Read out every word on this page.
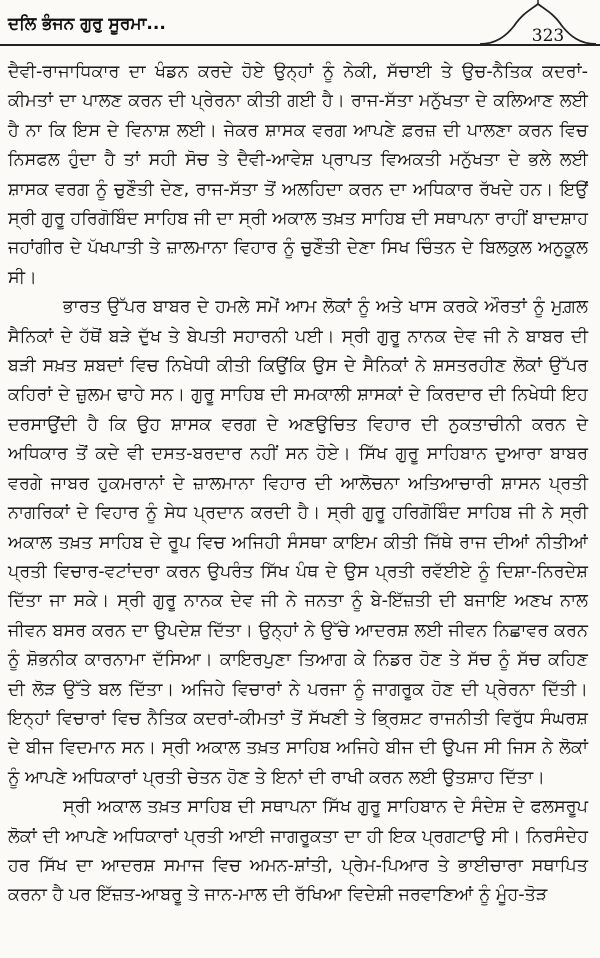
ਦਲਿ ਭੰਜਨ ਗੁਰੁ ਸੂਰਮਾ...
323

ਦੈਵੀ-ਰਾਜਾਧਿਕਾਰ ਦਾ ਖੰਡਨ ਕਰਦੇ ਹੋਏ ਉਨ੍ਹਾਂ ਨੂੰ ਨੇਕੀ, ਸੱਚਾਈ ਤੇ ਉਚ-ਨੈਤਿਕ ਕਦਰਾਂ-ਕੀਮਤਾਂ ਦਾ ਪਾਲਣ ਕਰਨ ਦੀ ਪ੍ਰੇਰਨਾ ਕੀਤੀ ਗਈ ਹੈ। ਰਾਜ-ਸੱਤਾ ਮਨੁੱਖਤਾ ਦੇ ਕਲਿਆਣ ਲਈ ਹੈ ਨਾ ਕਿ ਇਸ ਦੇ ਵਿਨਾਸ਼ ਲਈ। ਜੇਕਰ ਸ਼ਾਸਕ ਵਰਗ ਆਪਣੇ ਫ਼ਰਜ਼ ਦੀ ਪਾਲਣਾ ਕਰਨ ਵਿਚ ਨਿਸਫਲ ਹੁੰਦਾ ਹੈ ਤਾਂ ਸਹੀ ਸੋਚ ਤੇ ਦੈਵੀ-ਆਵੇਸ਼ ਪ੍ਰਾਪਤ ਵਿਅਕਤੀ ਮਨੁੱਖਤਾ ਦੇ ਭਲੇ ਲਈ ਸ਼ਾਸਕ ਵਰਗ ਨੂੰ ਚੁਣੌਤੀ ਦੇਣ, ਰਾਜ-ਸੱਤਾ ਤੋਂ ਅਲਹਿਦਾ ਕਰਨ ਦਾ ਅਧਿਕਾਰ ਰੱਖਦੇ ਹਨ। ਇਉਂ ਸ੍ਰੀ ਗੁਰੂ ਹਰਿਗੋਬਿੰਦ ਸਾਹਿਬ ਜੀ ਦਾ ਸ੍ਰੀ ਅਕਾਲ ਤਖ਼ਤ ਸਾਹਿਬ ਦੀ ਸਥਾਪਨਾ ਰਾਹੀਂ ਬਾਦਸ਼ਾਹ ਜਹਾਂਗੀਰ ਦੇ ਪੱਖਪਾਤੀ ਤੇ ਜ਼ਾਲਮਾਨਾ ਵਿਹਾਰ ਨੂੰ ਚੁਣੌਤੀ ਦੇਣਾ ਸਿਖ ਚਿੰਤਨ ਦੇ ਬਿਲਕੁਲ ਅਨੁਕੂਲ ਸੀ।

ਭਾਰਤ ਉੱਪਰ ਬਾਬਰ ਦੇ ਹਮਲੇ ਸਮੇਂ ਆਮ ਲੋਕਾਂ ਨੂੰ ਅਤੇ ਖਾਸ ਕਰਕੇ ਔਰਤਾਂ ਨੂੰ ਮੁਗ਼ਲ ਸੈਨਿਕਾਂ ਦੇ ਹੱਥੋਂ ਬੜੇ ਦੁੱਖ ਤੇ ਬੇਪਤੀ ਸਹਾਰਨੀ ਪਈ। ਸ੍ਰੀ ਗੁਰੂ ਨਾਨਕ ਦੇਵ ਜੀ ਨੇ ਬਾਬਰ ਦੀ ਬੜੀ ਸਖ਼ਤ ਸ਼ਬਦਾਂ ਵਿਚ ਨਿਖੇਧੀ ਕੀਤੀ ਕਿਉਂਕਿ ਉਸ ਦੇ ਸੈਨਿਕਾਂ ਨੇ ਸ਼ਸਤਰਹੀਣ ਲੋਕਾਂ ਉੱਪਰ ਕਹਿਰਾਂ ਦੇ ਜ਼ੁਲਮ ਢਾਹੇ ਸਨ। ਗੁਰੂ ਸਾਹਿਬ ਦੀ ਸਮਕਾਲੀ ਸ਼ਾਸਕਾਂ ਦੇ ਕਿਰਦਾਰ ਦੀ ਨਿਖੇਧੀ ਇਹ ਦਰਸਾਉਂਦੀ ਹੈ ਕਿ ਉਹ ਸ਼ਾਸਕ ਵਰਗ ਦੇ ਅਣਉਚਿਤ ਵਿਹਾਰ ਦੀ ਨੁਕਤਾਚੀਨੀ ਕਰਨ ਦੇ ਅਧਿਕਾਰ ਤੋਂ ਕਦੇ ਵੀ ਦਸਤ-ਬਰਦਾਰ ਨਹੀਂ ਸਨ ਹੋਏ। ਸਿੱਖ ਗੁਰੂ ਸਾਹਿਬਾਨ ਦੁਆਰਾ ਬਾਬਰ ਵਰਗੇ ਜਾਬਰ ਹੁਕਮਰਾਨਾਂ ਦੇ ਜ਼ਾਲਮਾਨਾ ਵਿਹਾਰ ਦੀ ਆਲੋਚਨਾ ਅਤਿਆਚਾਰੀ ਸ਼ਾਸਨ ਪ੍ਰਤੀ ਨਾਗਰਿਕਾਂ ਦੇ ਵਿਹਾਰ ਨੂੰ ਸੇਧ ਪ੍ਰਦਾਨ ਕਰਦੀ ਹੈ। ਸ੍ਰੀ ਗੁਰੂ ਹਰਿਗੋਬਿੰਦ ਸਾਹਿਬ ਜੀ ਨੇ ਸ੍ਰੀ ਅਕਾਲ ਤਖ਼ਤ ਸਾਹਿਬ ਦੇ ਰੂਪ ਵਿਚ ਅਜਿਹੀ ਸੰਸਥਾ ਕਾਇਮ ਕੀਤੀ ਜਿੱਥੇ ਰਾਜ ਦੀਆਂ ਨੀਤੀਆਂ ਪ੍ਰਤੀ ਵਿਚਾਰ-ਵਟਾਂਦਰਾ ਕਰਨ ਉਪਰੰਤ ਸਿੱਖ ਪੰਥ ਦੇ ਉਸ ਪ੍ਰਤੀ ਰਵੱਈਏ ਨੂੰ ਦਿਸ਼ਾ-ਨਿਰਦੇਸ਼ ਦਿੱਤਾ ਜਾ ਸਕੇ। ਸ੍ਰੀ ਗੁਰੂ ਨਾਨਕ ਦੇਵ ਜੀ ਨੇ ਜਨਤਾ ਨੂੰ ਬੇ-ਇੱਜ਼ਤੀ ਦੀ ਬਜਾਇ ਅਣਖ ਨਾਲ ਜੀਵਨ ਬਸਰ ਕਰਨ ਦਾ ਉਪਦੇਸ਼ ਦਿੱਤਾ। ਉਨ੍ਹਾਂ ਨੇ ਉੱਚੇ ਆਦਰਸ਼ ਲਈ ਜੀਵਨ ਨਿਛਾਵਰ ਕਰਨ ਨੂੰ ਸ਼ੋਭਨੀਕ ਕਾਰਨਾਮਾ ਦੱਸਿਆ। ਕਾਇਰਪੁਣਾ ਤਿਆਗ ਕੇ ਨਿਡਰ ਹੋਣ ਤੇ ਸੱਚ ਨੂੰ ਸੱਚ ਕਹਿਣ ਦੀ ਲੋੜ ਉੱਤੇ ਬਲ ਦਿੱਤਾ। ਅਜਿਹੇ ਵਿਚਾਰਾਂ ਨੇ ਪਰਜਾ ਨੂੰ ਜਾਗਰੂਕ ਹੋਣ ਦੀ ਪ੍ਰੇਰਨਾ ਦਿੱਤੀ। ਇਨ੍ਹਾਂ ਵਿਚਾਰਾਂ ਵਿਚ ਨੈਤਿਕ ਕਦਰਾਂ-ਕੀਮਤਾਂ ਤੋਂ ਸੱਖਣੀ ਤੇ ਭ੍ਰਿਸ਼ਟ ਰਾਜਨੀਤੀ ਵਿਰੁੱਧ ਸੰਘਰਸ਼ ਦੇ ਬੀਜ ਵਿਦਮਾਨ ਸਨ। ਸ੍ਰੀ ਅਕਾਲ ਤਖ਼ਤ ਸਾਹਿਬ ਅਜਿਹੇ ਬੀਜ ਦੀ ਉਪਜ ਸੀ ਜਿਸ ਨੇ ਲੋਕਾਂ ਨੂੰ ਆਪਣੇ ਅਧਿਕਾਰਾਂ ਪ੍ਰਤੀ ਚੇਤਨ ਹੋਣ ਤੇ ਇਨਾਂ ਦੀ ਰਾਖੀ ਕਰਨ ਲਈ ਉਤਸ਼ਾਹ ਦਿੱਤਾ।

ਸ੍ਰੀ ਅਕਾਲ ਤਖ਼ਤ ਸਾਹਿਬ ਦੀ ਸਥਾਪਨਾ ਸਿੱਖ ਗੁਰੂ ਸਾਹਿਬਾਨ ਦੇ ਸੰਦੇਸ਼ ਦੇ ਫਲਸਰੂਪ ਲੋਕਾਂ ਦੀ ਆਪਣੇ ਅਧਿਕਾਰਾਂ ਪ੍ਰਤੀ ਆਈ ਜਾਗਰੂਕਤਾ ਦਾ ਹੀ ਇਕ ਪ੍ਰਗਟਾਉ ਸੀ। ਨਿਰਸੰਦੇਹ ਹਰ ਸਿੱਖ ਦਾ ਆਦਰਸ਼ ਸਮਾਜ ਵਿਚ ਅਮਨ-ਸ਼ਾਂਤੀ, ਪ੍ਰੇਮ-ਪਿਆਰ ਤੇ ਭਾਈਚਾਰਾ ਸਥਾਪਿਤ ਕਰਨਾ ਹੈ ਪਰ ਇੱਜ਼ਤ-ਆਬਰੂ ਤੇ ਜਾਨ-ਮਾਲ ਦੀ ਰੱਖਿਆ ਵਿਦੇਸ਼ੀ ਜਰਵਾਣਿਆਂ ਨੂੰ ਮੂੰਹ-ਤੋੜ
